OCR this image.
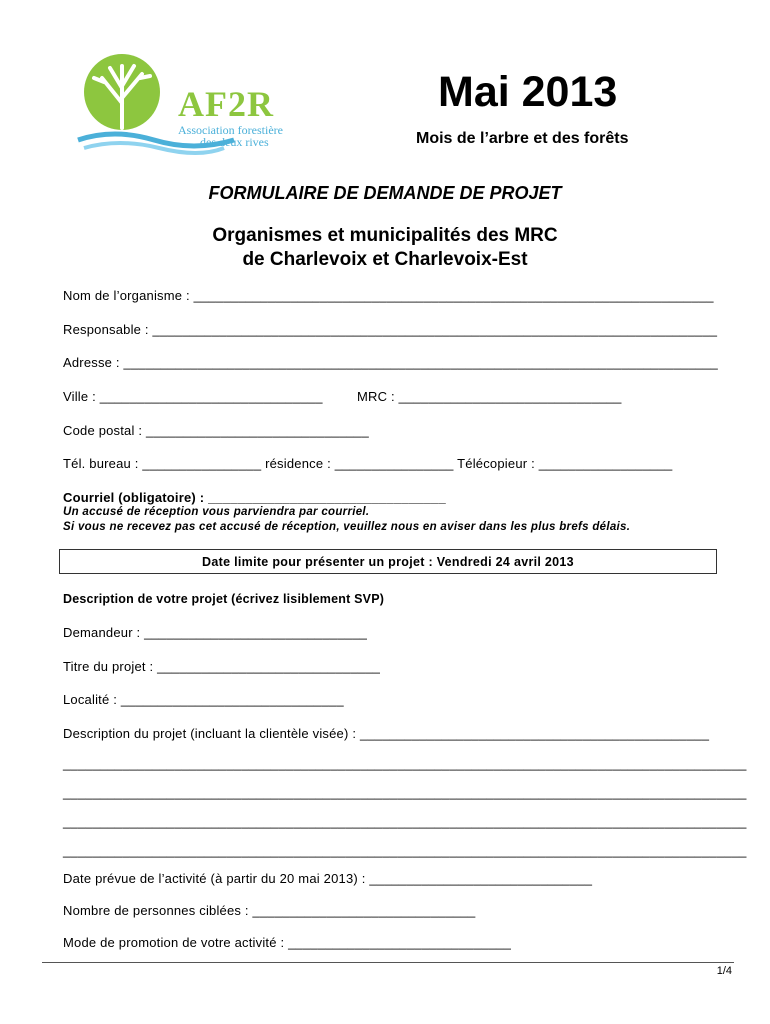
AF2R
Association forestière
des deux rives
Mai 2013
Mois de l’arbre et des forêts
FORMULAIRE DE DEMANDE DE PROJET
Organismes et municipalités des MRC
de Charlevoix et Charlevoix-Est
Nom de l’organisme : ______________________________________________________________________
Responsable : ____________________________________________________________________________
Adresse : ________________________________________________________________________________
Ville : ______________________________	MRC : ______________________________
Code postal : ______________________________
Tél. bureau : ________________ résidence : ________________ Télécopieur : __________________
Courriel (obligatoire) : ________________________________
Un accusé de réception vous parviendra par courriel.
Si vous ne recevez pas cet accusé de réception, veuillez nous en aviser dans les plus brefs délais.
Date limite pour présenter un projet : Vendredi 24 avril 2013
Description de votre projet (écrivez lisiblement SVP)
Demandeur : ______________________________
Titre du projet : ______________________________
Localité : ______________________________
Description du projet (incluant la clientèle visée) : _______________________________________________
____________________________________________________________________________________________
____________________________________________________________________________________________
____________________________________________________________________________________________
____________________________________________________________________________________________
Date prévue de l’activité (à partir du 20 mai 2013) : ______________________________
Nombre de personnes ciblées : ______________________________
Mode de promotion de votre activité : ______________________________
1/4
